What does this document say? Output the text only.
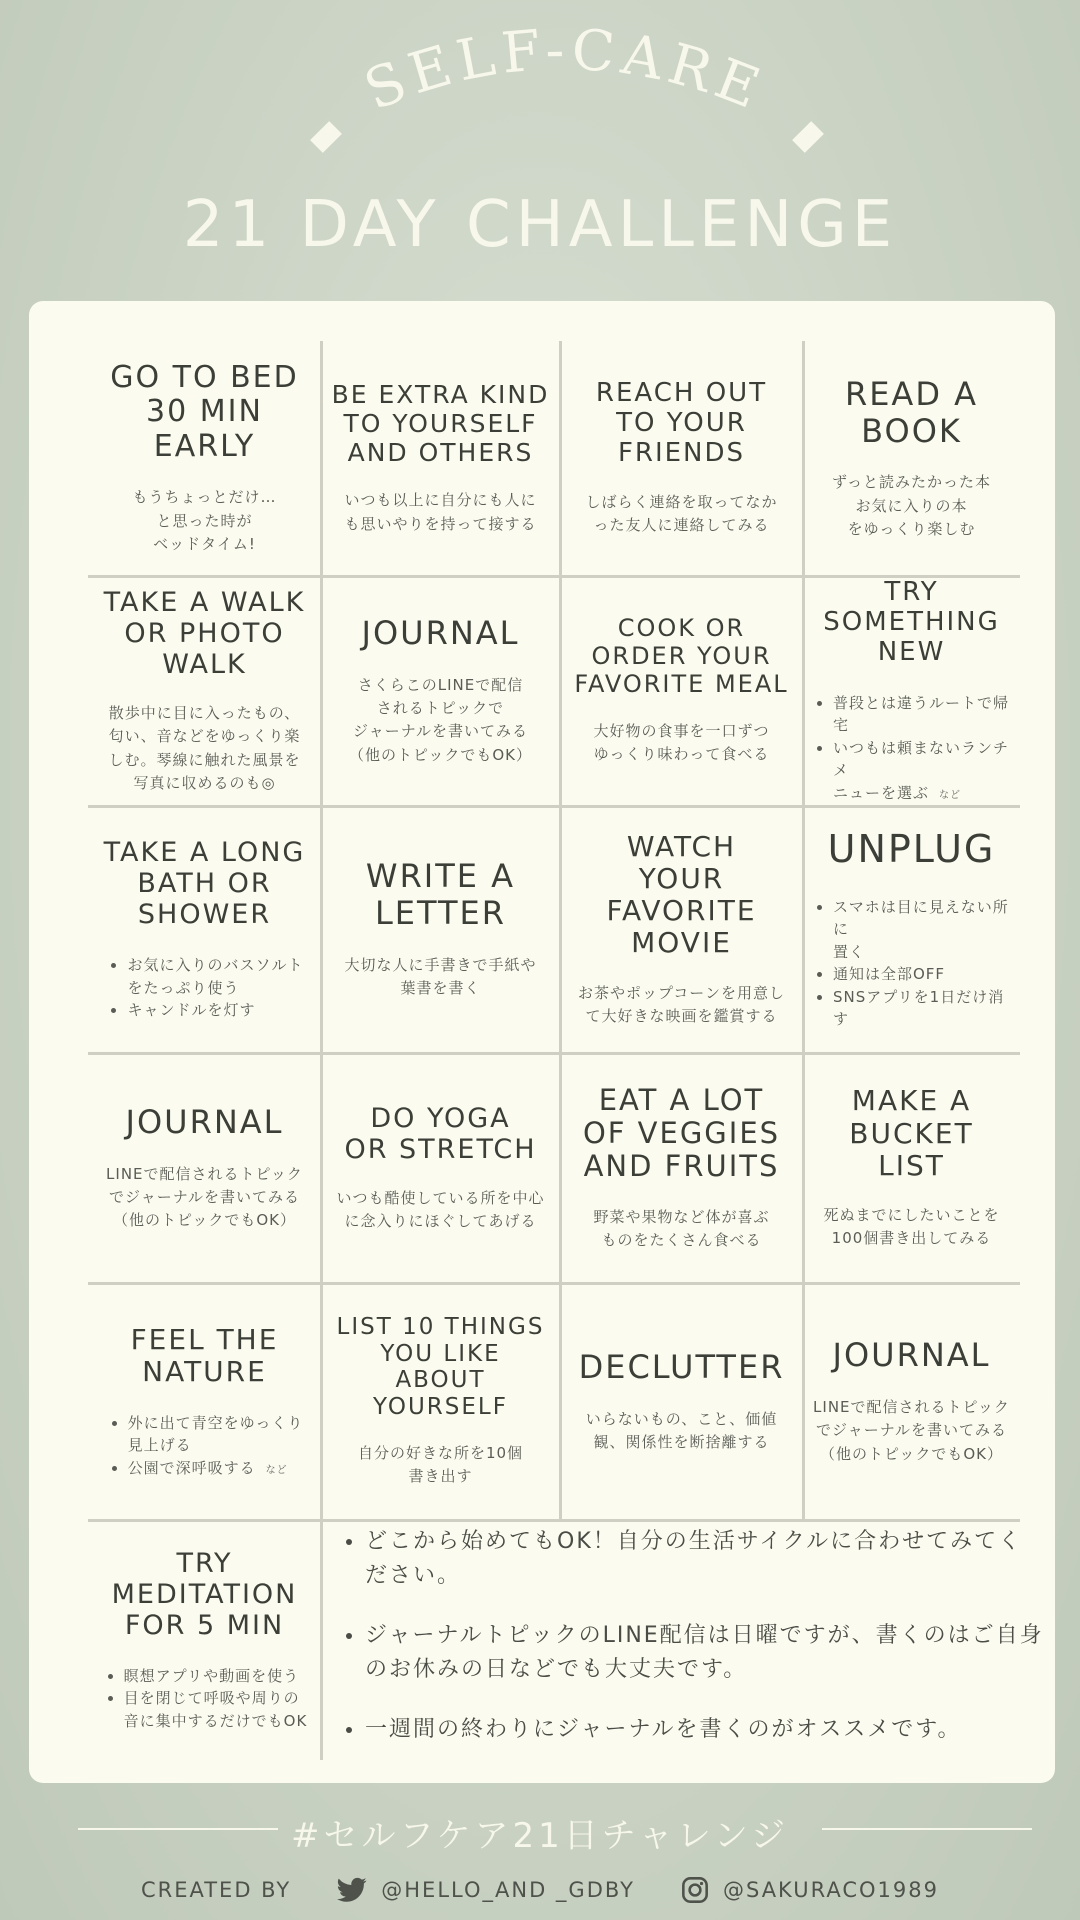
SELF-CARE
21 DAY CHALLENGE
GO TO BED
30 MIN
EARLY
もうちょっとだけ…
と思った時が
ベッドタイム!
BE EXTRA KIND
TO YOURSELF
AND OTHERS
いつも以上に自分にも人に
も思いやりを持って接する
REACH OUT
TO YOUR
FRIENDS
しばらく連絡を取ってなか
った友人に連絡してみる
READ A
BOOK
ずっと読みたかった本
お気に入りの本
をゆっくり楽しむ
TAKE A WALK
OR PHOTO WALK
散歩中に目に入ったもの、
匂い、音などをゆっくり楽
しむ。琴線に触れた風景を
写真に収めるのも◎
JOURNAL
さくらこのLINEで配信
されるトピックで
ジャーナルを書いてみる
（他のトピックでもOK）
COOK OR
ORDER YOUR
FAVORITE MEAL
大好物の食事を一口ずつ
ゆっくり味わって食べる
TRY
SOMETHING
NEW
• 普段とは違うルートで帰宅
• いつもは頼まないランチメ
ニューを選ぶ など
TAKE A LONG
BATH OR
SHOWER
• お気に入りのバスソルト
をたっぷり使う
• キャンドルを灯す
WRITE A
LETTER
大切な人に手書きで手紙や
葉書を書く
WATCH
YOUR
FAVORITE
MOVIE
お茶やポップコーンを用意し
て大好きな映画を鑑賞する
UNPLUG
• スマホは目に見えない所に
置く
• 通知は全部OFF
• SNSアプリを1日だけ消す
JOURNAL
LINEで配信されるトピック
でジャーナルを書いてみる
（他のトピックでもOK）
DO YOGA
OR STRETCH
いつも酷使している所を中心
に念入りにほぐしてあげる
EAT A LOT
OF VEGGIES
AND FRUITS
野菜や果物など体が喜ぶ
ものをたくさん食べる
MAKE A
BUCKET LIST
死ぬまでにしたいことを
100個書き出してみる
FEEL THE
NATURE
• 外に出て青空をゆっくり
見上げる
• 公園で深呼吸する など
LIST 10 THINGS
YOU LIKE
ABOUT
YOURSELF
自分の好きな所を10個
書き出す
DECLUTTER
いらないもの、こと、価値
観、関係性を断捨離する
JOURNAL
LINEで配信されるトピック
でジャーナルを書いてみる
（他のトピックでもOK）
TRY
MEDITATION
FOR 5 MIN
• 瞑想アプリや動画を使う
• 目を閉じて呼吸や周りの
音に集中するだけでもOK
• どこから始めてもOK！自分の生活サイクルに合わせてみてください。
• ジャーナルトピックのLINE配信は日曜ですが、書くのはご自身のお休みの日などでも大丈夫です。
• 一週間の終わりにジャーナルを書くのがオススメです。
#セルフケア21日チャレンジ
CREATED BY	@HELLO_AND _GDBY	@SAKURACO1989
